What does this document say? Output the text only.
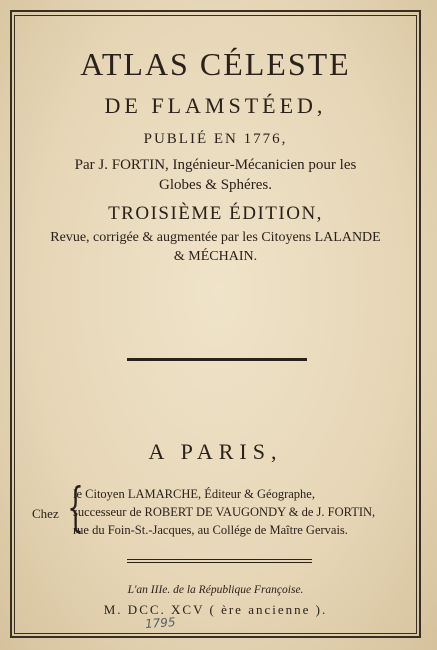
ATLAS CÉLESTE
DE FLAMSTÉED,
PUBLIÉ EN 1776,
Par J. FORTIN, Ingénieur-Mécanicien pour les
Globes & Sphéres.
TROISIÈME ÉDITION,
Revue, corrigée & augmentée par les Citoyens LALANDE
& MÉCHAIN.
A PARIS,
Chez {
le Citoyen LAMARCHE, Éditeur & Géographe,
successeur de ROBERT DE VAUGONDY & de J. FORTIN,
rue du Foin-St.-Jacques, au Collége de Maître Gervais.
L'an IIIe. de la République Françoise.
M. DCC. XCV ( ère ancienne ).
1795
